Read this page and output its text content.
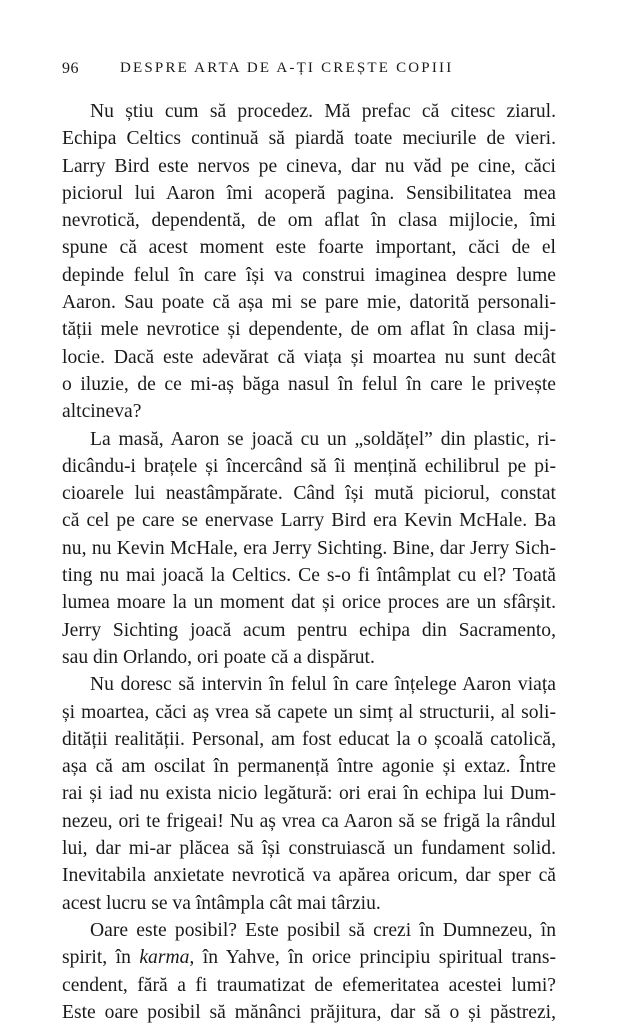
96	DESPRE ARTA DE A-ȚI CREȘTE COPIII
Nu știu cum să procedez. Mă prefac că citesc ziarul.
Echipa Celtics continuă să piardă toate meciurile de vieri.
Larry Bird este nervos pe cineva, dar nu văd pe cine, căci
piciorul lui Aaron îmi acoperă pagina. Sensibilitatea mea
nevrotică, dependentă, de om aflat în clasa mijlocie, îmi
spune că acest moment este foarte important, căci de el
depinde felul în care își va construi imaginea despre lume
Aaron. Sau poate că așa mi se pare mie, datorită personali-
tății mele nevrotice și dependente, de om aflat în clasa mij-
locie. Dacă este adevărat că viața și moartea nu sunt decât
o iluzie, de ce mi-aș băga nasul în felul în care le privește
altcineva?
La masă, Aaron se joacă cu un „soldățel” din plastic, ri-
dicându-i brațele și încercând să îi mențină echilibrul pe pi-
cioarele lui neastâmpărate. Când își mută piciorul, constat
că cel pe care se enervase Larry Bird era Kevin McHale. Ba
nu, nu Kevin McHale, era Jerry Sichting. Bine, dar Jerry Sich-
ting nu mai joacă la Celtics. Ce s-o fi întâmplat cu el? Toată
lumea moare la un moment dat și orice proces are un sfârșit.
Jerry Sichting joacă acum pentru echipa din Sacramento,
sau din Orlando, ori poate că a dispărut.
Nu doresc să intervin în felul în care înțelege Aaron viața
și moartea, căci aș vrea să capete un simț al structurii, al soli-
dității realității. Personal, am fost educat la o școală catolică,
așa că am oscilat în permanență între agonie și extaz. Între
rai și iad nu exista nicio legătură: ori erai în echipa lui Dum-
nezeu, ori te frigeai! Nu aș vrea ca Aaron să se frigă la rândul
lui, dar mi-ar plăcea să își construiască un fundament solid.
Inevitabila anxietate nevrotică va apărea oricum, dar sper că
acest lucru se va întâmpla cât mai târziu.
Oare este posibil? Este posibil să crezi în Dumnezeu, în
spirit, în karma, în Yahve, în orice principiu spiritual trans-
cendent, fără a fi traumatizat de efemeritatea acestei lumi?
Este oare posibil să mănânci prăjitura, dar să o și păstrezi,
